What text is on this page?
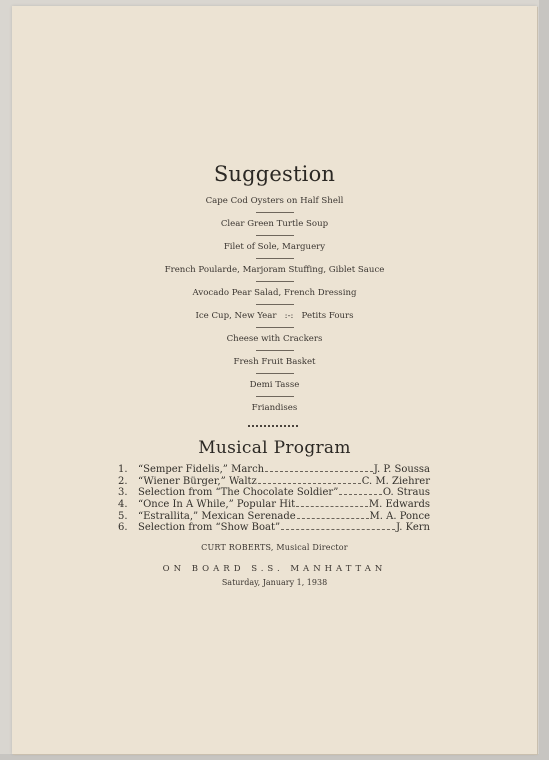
Suggestion
Cape Cod Oysters on Half Shell
Clear Green Turtle Soup
Filet of Sole, Marguery
French Poularde, Marjoram Stuffing, Giblet Sauce
Avocado Pear Salad, French Dressing
Ice Cup, New Year   :-:   Petits Fours
Cheese with Crackers
Fresh Fruit Basket
Demi Tasse
Friandises
Musical Program
1.	“Semper Fidelis,” March	J. P. Soussa
2.	“Wiener Bürger,” Waltz	C. M. Ziehrer
3.	Selection from “The Chocolate Soldier”	O. Straus
4.	“Once In A While,” Popular Hit	M. Edwards
5.	“Estrallita,” Mexican Serenade	M. A. Ponce
6.	Selection from “Show Boat”	J. Kern
CURT ROBERTS, Musical Director
ON BOARD S.S. MANHATTAN
Saturday, January 1, 1938
